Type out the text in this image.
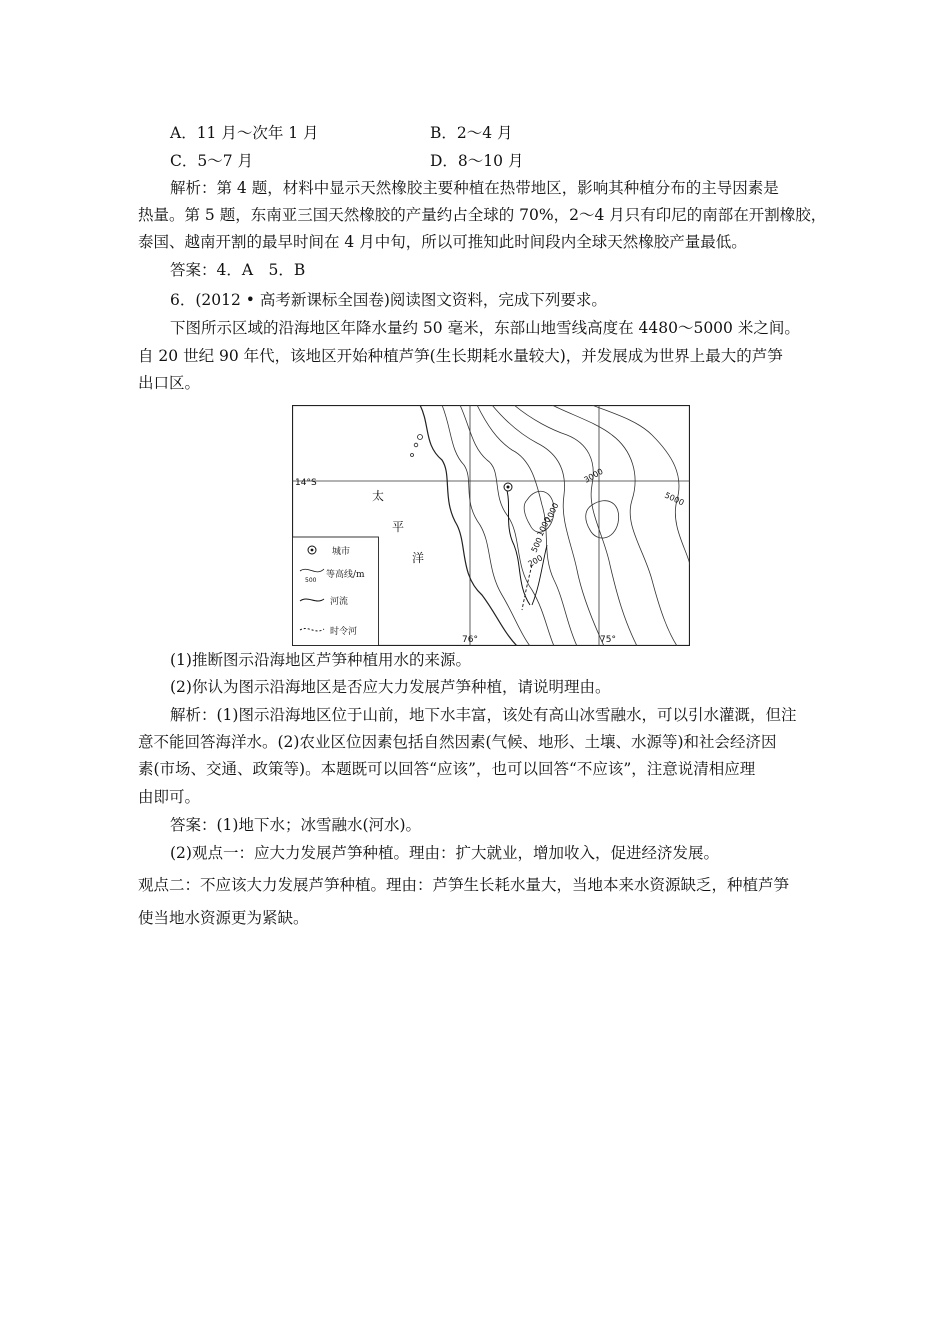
A．11 月～次年 1 月	B．2～4 月
C．5～7 月	D．8～10 月
解析：第 4 题，材料中显示天然橡胶主要种植在热带地区，影响其种植分布的主导因素是
热量。第 5 题，东南亚三国天然橡胶的产量约占全球的 70%，2～4 月只有印尼的南部在开割橡胶，
泰国、越南开割的最早时间在 4 月中旬，所以可推知此时间段内全球天然橡胶产量最低。
答案：4．A　5．B
6．(2012 • 高考新课标全国卷)阅读图文资料，完成下列要求。
下图所示区域的沿海地区年降水量约 50 毫米，东部山地雪线高度在 4480～5000 米之间。
自 20 世纪 90 年代，该地区开始种植芦笋(生长期耗水量较大)，并发展成为世界上最大的芦笋
出口区。
14°S
76°	75°
太
平
洋
3000
5000
2000
1000
500
200
城市
500
等高线/m
河流
时令河
(1)推断图示沿海地区芦笋种植用水的来源。
(2)你认为图示沿海地区是否应大力发展芦笋种植，请说明理由。
解析：(1)图示沿海地区位于山前，地下水丰富，该处有高山冰雪融水，可以引水灌溉，但注
意不能回答海洋水。(2)农业区位因素包括自然因素(气候、地形、土壤、水源等)和社会经济因
素(市场、交通、政策等)。本题既可以回答“应该”，也可以回答“不应该”，注意说清相应理
由即可。
答案：(1)地下水；冰雪融水(河水)。
(2)观点一：应大力发展芦笋种植。理由：扩大就业，增加收入，促进经济发展。
观点二：不应该大力发展芦笋种植。理由：芦笋生长耗水量大，当地本来水资源缺乏，种植芦笋
使当地水资源更为紧缺。
